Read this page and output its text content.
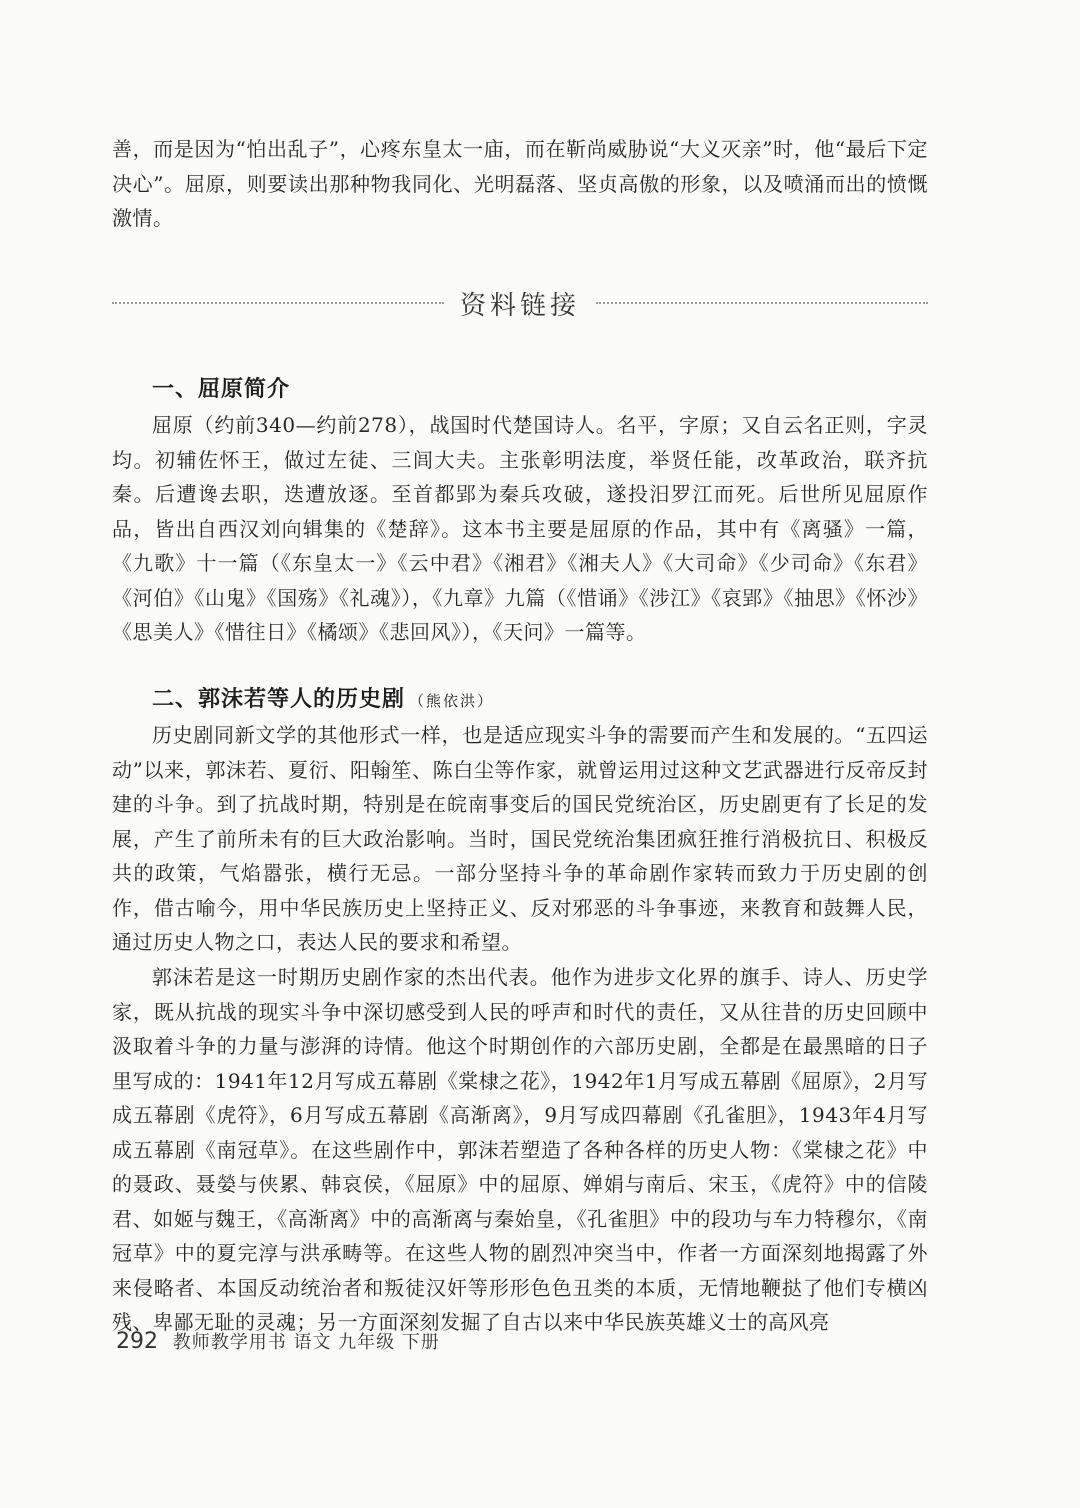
善，而是因为“怕出乱子”，心疼东皇太一庙，而在靳尚威胁说“大义灭亲”时，他“最后下定决心”。屈原，则要读出那种物我同化、光明磊落、坚贞高傲的形象，以及喷涌而出的愤慨激情。
资料链接
一、屈原简介

屈原（约前340—约前278），战国时代楚国诗人。名平，字原；又自云名正则，字灵均。初辅佐怀王，做过左徒、三闾大夫。主张彰明法度，举贤任能，改革政治，联齐抗秦。后遭谗去职，迭遭放逐。至首都郢为秦兵攻破，遂投汨罗江而死。后世所见屈原作品，皆出自西汉刘向辑集的《楚辞》。这本书主要是屈原的作品，其中有《离骚》一篇，《九歌》十一篇（《东皇太一》《云中君》《湘君》《湘夫人》《大司命》《少司命》《东君》《河伯》《山鬼》《国殇》《礼魂》），《九章》九篇（《惜诵》《涉江》《哀郢》《抽思》《怀沙》《思美人》《惜往日》《橘颂》《悲回风》），《天问》一篇等。

二、郭沫若等人的历史剧 （熊依洪）

历史剧同新文学的其他形式一样，也是适应现实斗争的需要而产生和发展的。“五四运动”以来，郭沫若、夏衍、阳翰笙、陈白尘等作家，就曾运用过这种文艺武器进行反帝反封建的斗争。到了抗战时期，特别是在皖南事变后的国民党统治区，历史剧更有了长足的发展，产生了前所未有的巨大政治影响。当时，国民党统治集团疯狂推行消极抗日、积极反共的政策，气焰嚣张，横行无忌。一部分坚持斗争的革命剧作家转而致力于历史剧的创作，借古喻今，用中华民族历史上坚持正义、反对邪恶的斗争事迹，来教育和鼓舞人民，通过历史人物之口，表达人民的要求和希望。

郭沫若是这一时期历史剧作家的杰出代表。他作为进步文化界的旗手、诗人、历史学家，既从抗战的现实斗争中深切感受到人民的呼声和时代的责任，又从往昔的历史回顾中汲取着斗争的力量与澎湃的诗情。他这个时期创作的六部历史剧，全都是在最黑暗的日子里写成的：1941年12月写成五幕剧《棠棣之花》，1942年1月写成五幕剧《屈原》，2月写成五幕剧《虎符》，6月写成五幕剧《高渐离》，9月写成四幕剧《孔雀胆》，1943年4月写成五幕剧《南冠草》。在这些剧作中，郭沫若塑造了各种各样的历史人物：《棠棣之花》中的聂政、聂嫈与侠累、韩哀侯，《屈原》中的屈原、婵娟与南后、宋玉，《虎符》中的信陵君、如姬与魏王，《高渐离》中的高渐离与秦始皇，《孔雀胆》中的段功与车力特穆尔，《南冠草》中的夏完淳与洪承畴等。在这些人物的剧烈冲突当中，作者一方面深刻地揭露了外来侵略者、本国反动统治者和叛徒汉奸等形形色色丑类的本质，无情地鞭挞了他们专横凶残、卑鄙无耻的灵魂；另一方面深刻发掘了自古以来中华民族英雄义士的高风亮

292 教师教学用书 语文 九年级 下册
